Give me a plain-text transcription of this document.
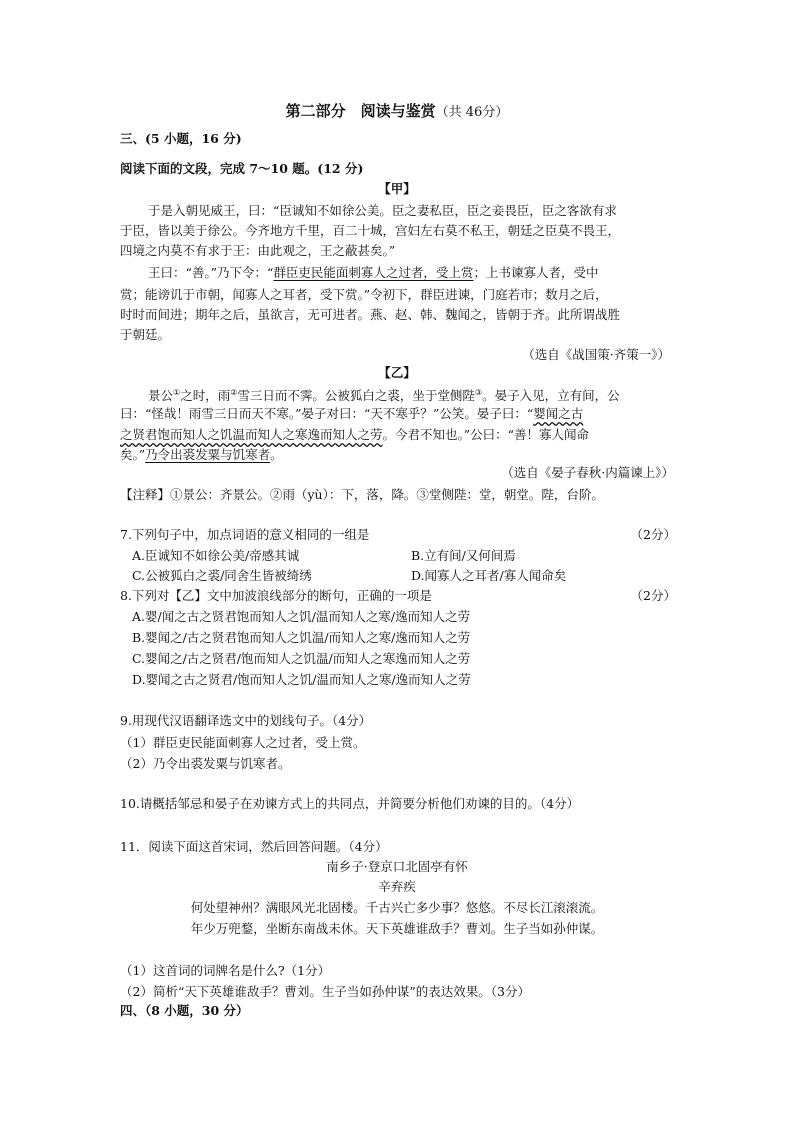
第二部分　阅读与鉴赏（共 46分）
三、(5 小题，16 分)
阅读下面的文段，完成 7～10 题。(12 分)
【甲】
于是入朝见威王，曰：“臣诚知不如徐公美。臣之妻私臣，臣之妾畏臣，臣之客欲有求
于臣，皆以美于徐公。今齐地方千里，百二十城，宫妇左右莫不私王，朝廷之臣莫不畏王，
四境之内莫不有求于王：由此观之，王之蔽甚矣。”
王曰：“善。”乃下令：“群臣吏民能面刺寡人之过者，受上赏；上书谏寡人者，受中
赏；能谤讥于市朝，闻寡人之耳者，受下赏。”令初下，群臣进谏，门庭若市；数月之后，
时时而间进；期年之后，虽欲言，无可进者。燕、赵、韩、魏闻之，皆朝于齐。此所谓战胜
于朝廷。
（选自《战国策·齐策一》）
【乙】
景公①之时，雨②雪三日而不霁。公被狐白之裘，坐于堂侧陛③。晏子入见，立有间，公
曰：“怪哉！雨雪三日而天不寒。”晏子对曰：“天不寒乎？”公笑。晏子曰：“婴闻之古
之贤君饱而知人之饥温而知人之寒逸而知人之劳。今君不知也。”公曰：“善！寡人闻命
矣。”乃令出裘发粟与饥寒者。
（选自《晏子春秋·内篇谏上》）
【注释】①景公：齐景公。②雨（yù）：下，落，降。③堂侧陛：堂，朝堂。陛，台阶。
7.下列句子中，加点词语的意义相同的一组是	（2分）
A.臣诚知不如徐公美/帝感其诚	B.立有间/又何间焉
C.公被狐白之裘/同舍生皆被绮绣	D.闻寡人之耳者/寡人闻命矣
8.下列对【乙】文中加波浪线部分的断句，正确的一项是	（2分）
A.婴/闻之古之贤君饱而知人之饥/温而知人之寒/逸而知人之劳
B.婴闻之/古之贤君饱而知人之饥温/而知人之寒/逸而知人之劳
C.婴闻之/古之贤君/饱而知人之饥温/而知人之寒逸而知人之劳
D.婴闻之古之贤君/饱而知人之饥/温而知人之寒/逸而知人之劳
9.用现代汉语翻译选文中的划线句子。（4分）
（1）群臣吏民能面刺寡人之过者，受上赏。
（2）乃令出裘发粟与饥寒者。
10.请概括邹忌和晏子在劝谏方式上的共同点，并简要分析他们劝谏的目的。（4分）
11．阅读下面这首宋词，然后回答问题。（4分）
南乡子·登京口北固亭有怀
辛弃疾
何处望神州？满眼风光北固楼。千古兴亡多少事？悠悠。不尽长江滚滚流。
年少万兜鍪，坐断东南战未休。天下英雄谁敌手？曹刘。生子当如孙仲谋。
（1）这首词的词牌名是什么?（1分）
（2）简析“天下英雄谁敌手？曹刘。生子当如孙仲谋”的表达效果。（3分）
四、（8 小题，30 分）
